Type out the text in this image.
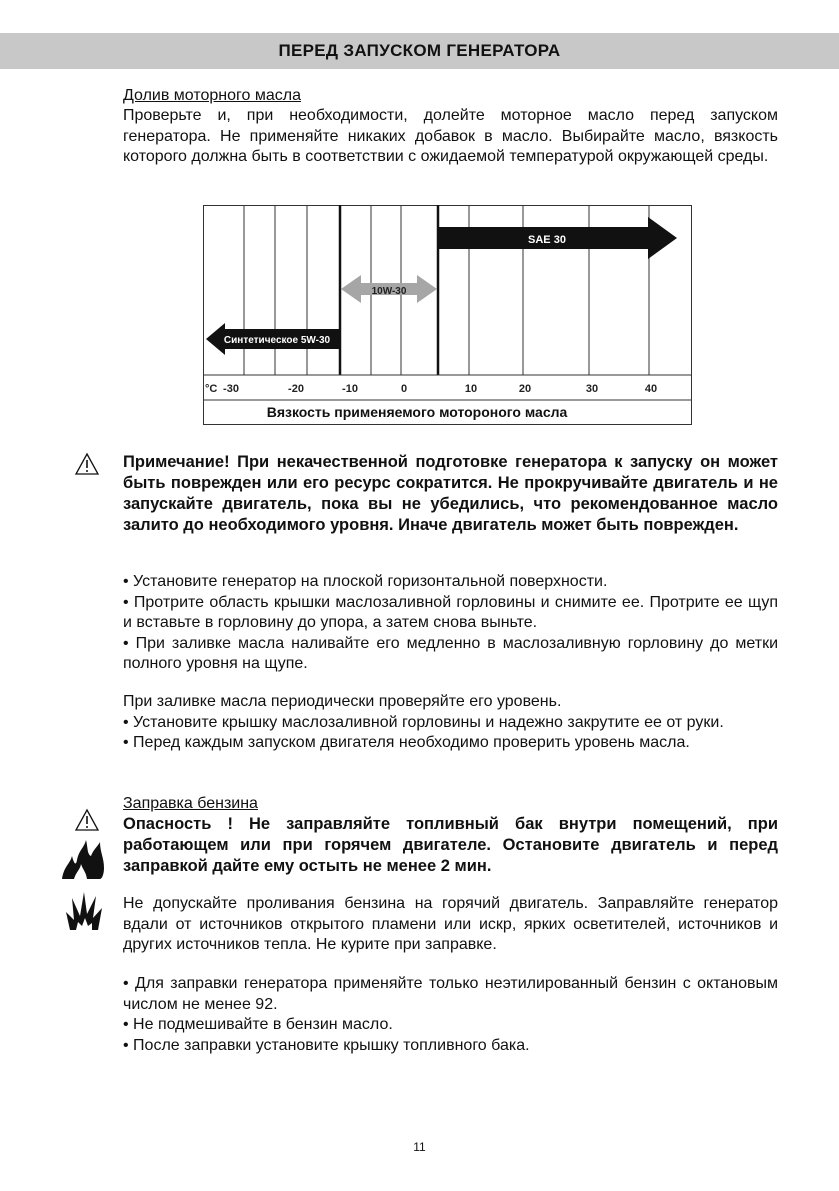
ПЕРЕД ЗАПУСКОМ ГЕНЕРАТОРА
Долив моторного масла
Проверьте и, при необходимости, долейте моторное масло перед запуском генератора. Не применяйте никаких добавок в масло. Выбирайте масло, вязкость которого должна быть в соответствии с ожидаемой температурой окружающей среды.
SAE 30
10W-30
Синтетическое 5W-30
°C -30	-20	-10	0	10	20	30	40
Вязкость применяемого мотороного масла
Примечание! При некачественной подготовке генератора к запуску он может быть поврежден или его ресурс сократится. Не прокручивайте двигатель и не запускайте двигатель, пока вы не убедились, что рекомендованное масло залито до необходимого уровня. Иначе двигатель может быть поврежден.

• Установите генератор на плоской горизонтальной поверхности.

• Протрите область крышки маслозаливной горловины и снимите ее. Протрите ее щуп и вставьте в горловину до упора, а затем снова выньте.

• При заливке масла наливайте его медленно в маслозаливную горловину до метки полного уровня на щупе.

При заливке масла периодически проверяйте его уровень.

• Установите крышку маслозаливной горловины и надежно закрутите ее от руки.

• Перед каждым запуском двигателя необходимо проверить уровень масла.

Заправка бензина
Опасность ! Не заправляйте топливный бак внутри помещений, при работающем или при горячем двигателе. Остановите двигатель и перед заправкой дайте ему остыть не менее 2 мин.
Не допускайте проливания бензина на горячий двигатель. Заправляйте генератор вдали от источников открытого пламени или искр, ярких осветителей, источников и других источников тепла. Не курите при заправке.

• Для заправки генератора применяйте только неэтилированный бензин с октановым числом не менее 92.

• Не подмешивайте в бензин масло.

• После заправки установите крышку топливного бака.

11
